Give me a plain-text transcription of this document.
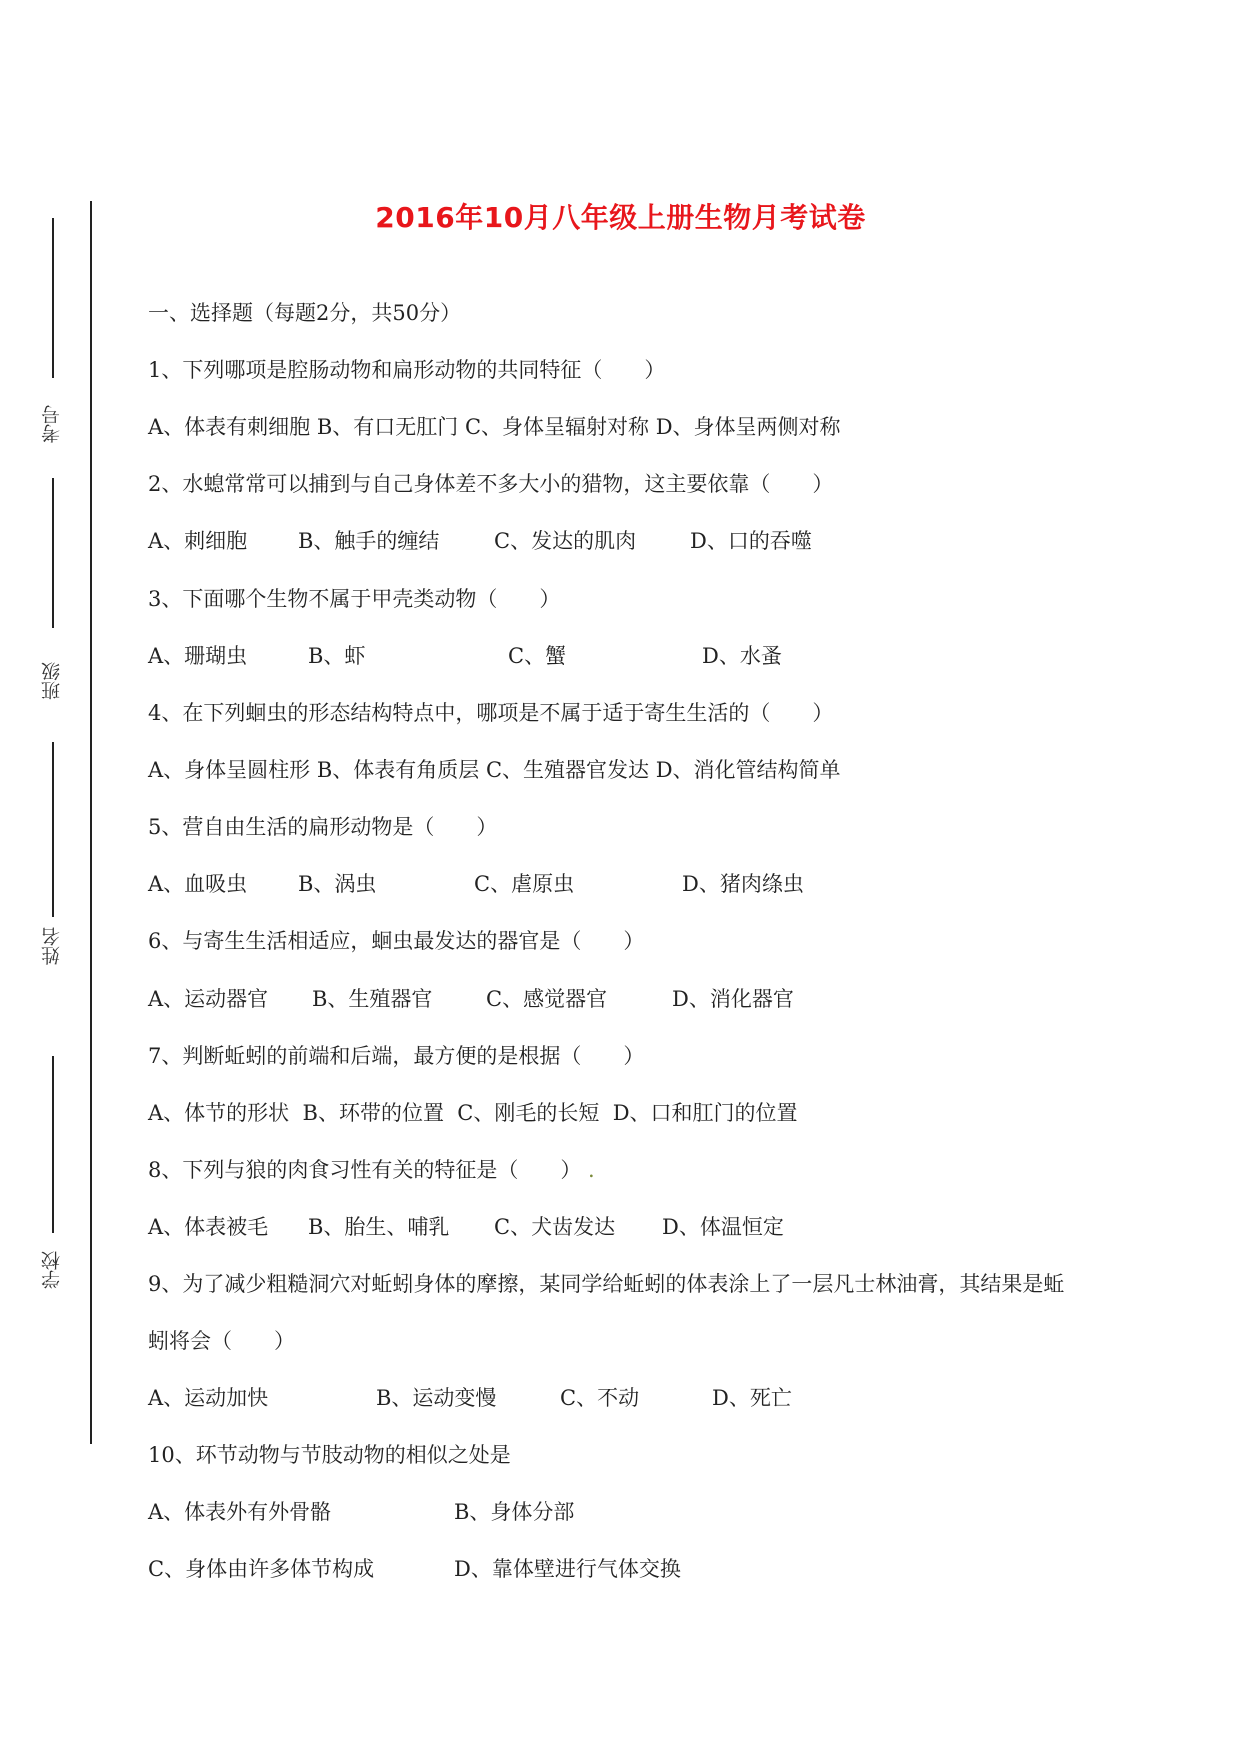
2016年10月八年级上册生物月考试卷
考号
班级
姓名
学校
一、选择题（每题2分，共50分）
1、下列哪项是腔肠动物和扁形动物的共同特征（　　）
A、体表有刺细胞 B、有口无肛门 C、身体呈辐射对称 D、身体呈两侧对称
2、水螅常常可以捕到与自己身体差不多大小的猎物，这主要依靠（　　）

A、刺细胞

B、触手的缠结

	C、发达的肌肉

	D、口的吞噬

3、下面哪个生物不属于甲壳类动物（　　）

A、珊瑚虫

	B、虾

	C、蟹

	D、水蚤

4、在下列蛔虫的形态结构特点中，哪项是不属于适于寄生生活的（　　）
A、身体呈圆柱形 B、体表有角质层 C、生殖器官发达 D、消化管结构简单
5、营自由生活的扁形动物是（　　）

A、血吸虫

B、涡虫

	C、虐原虫

	D、猪肉绦虫

6、与寄生生活相适应，蛔虫最发达的器官是（　　）

A、运动器官

B、生殖器官

	C、感觉器官

	D、消化器官

7、判断蚯蚓的前端和后端，最方便的是根据（　　）
A、体节的形状  B、环带的位置  C、刚毛的长短  D、口和肛门的位置
8、下列与狼的肉食习性有关的特征是（　　） .

A、体表被毛

B、胎生、哺乳

C、犬齿发达

D、体温恒定

9、为了减少粗糙洞穴对蚯蚓身体的摩擦，某同学给蚯蚓的体表涂上了一层凡士林油膏，其结果是蚯
蚓将会（　　）

A、运动加快

	B、运动变慢

	C、不动

	D、死亡

10、环节动物与节肢动物的相似之处是

A、体表外有外骨骼

	B、身体分部

C、身体由许多体节构成

	D、靠体壁进行气体交换
